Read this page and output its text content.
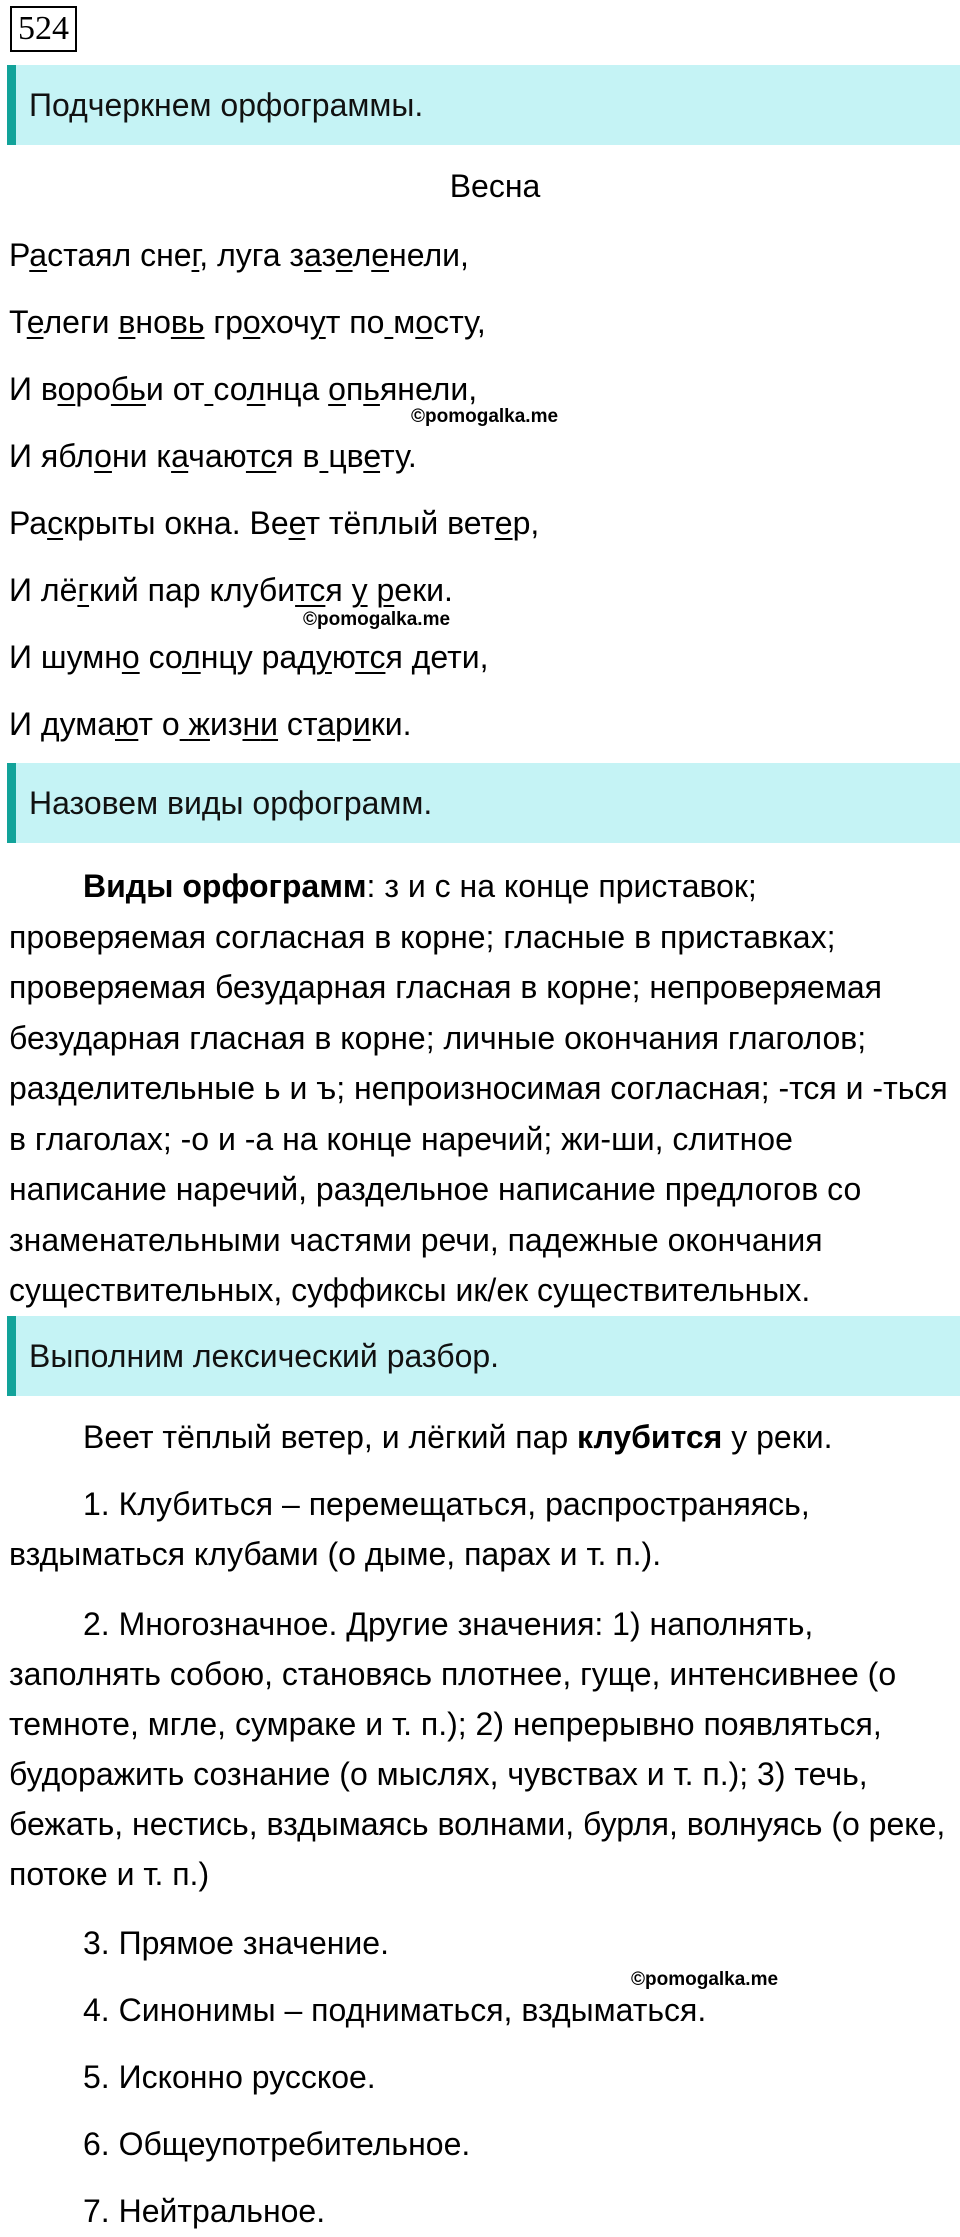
524
Подчеркнем орфограммы.
Весна
Растаял снег, луга зазеленели,
Телеги вновь грохочут по мосту,
И воробьи от солнца опьянели,
И яблони качаются в цвету.
Раскрыты окна. Веет тёплый ветер,
И лёгкий пар клубится у реки.
И шумно солнцу радуются дети,
И думают о жизни старики.
©pomogalka.me
©pomogalka.me
Назовем виды орфограмм.
Виды орфограмм: з и с на конце приставок; проверяемая согласная в корне; гласные в приставках; проверяемая безударная гласная в корне; непроверяемая безударная гласная в корне; личные окончания глаголов; разделительные ь и ъ; непроизносимая согласная; -тся и -ться в глаголах; -о и -а на конце наречий; жи-ши, слитное написание наречий, раздельное написание предлогов со знаменательными частями речи, падежные окончания существительных, суффиксы ик/ек существительных.
Выполним лексический разбор.
Веет тёплый ветер, и лёгкий пар клубится у реки.
1. Клубиться – перемещаться, распространяясь, вздыматься клубами (о дыме, парах и т. п.).
2. Многозначное. Другие значения: 1) наполнять, заполнять собою, становясь плотнее, гуще, интенсивнее (о темноте, мгле, сумраке и т. п.); 2) непрерывно появляться, будоражить сознание (о мыслях, чувствах и т. п.); 3) течь, бежать, нестись, вздымаясь волнами, бурля, волнуясь (о реке, потоке и т. п.)
3. Прямое значение.
©pomogalka.me
4. Синонимы – подниматься, вздыматься.
5. Исконно русское.
6. Общеупотребительное.
7. Нейтральное.
